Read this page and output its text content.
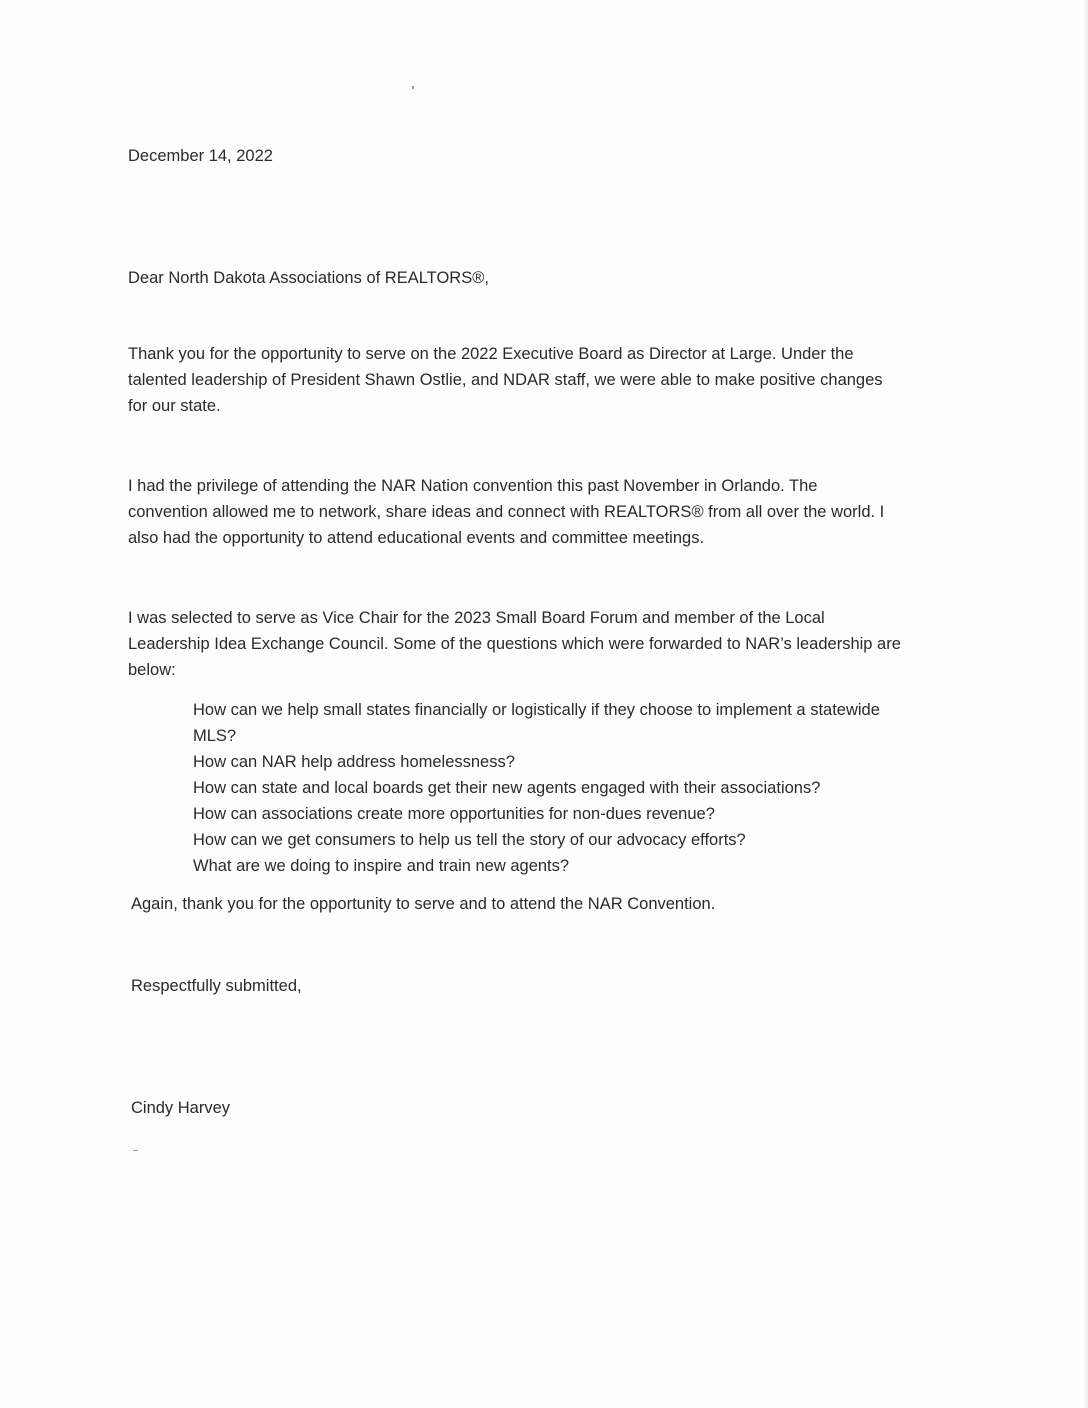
December 14, 2022
Dear North Dakota Associations of REALTORS®,
Thank you for the opportunity to serve on the 2022 Executive Board as Director at Large. Under the
talented leadership of President Shawn Ostlie, and NDAR staff, we were able to make positive changes
for our state.
I had the privilege of attending the NAR Nation convention this past November in Orlando. The
convention allowed me to network, share ideas and connect with REALTORS® from all over the world. I
also had the opportunity to attend educational events and committee meetings.
I was selected to serve as Vice Chair for the 2023 Small Board Forum and member of the Local
Leadership Idea Exchange Council. Some of the questions which were forwarded to NAR’s leadership are
below:
How can we help small states financially or logistically if they choose to implement a statewide
MLS?
How can NAR help address homelessness?
How can state and local boards get their new agents engaged with their associations?
How can associations create more opportunities for non-dues revenue?
How can we get consumers to help us tell the story of our advocacy efforts?
What are we doing to inspire and train new agents?
Again, thank you for the opportunity to serve and to attend the NAR Convention.
Respectfully submitted,
Cindy Harvey
